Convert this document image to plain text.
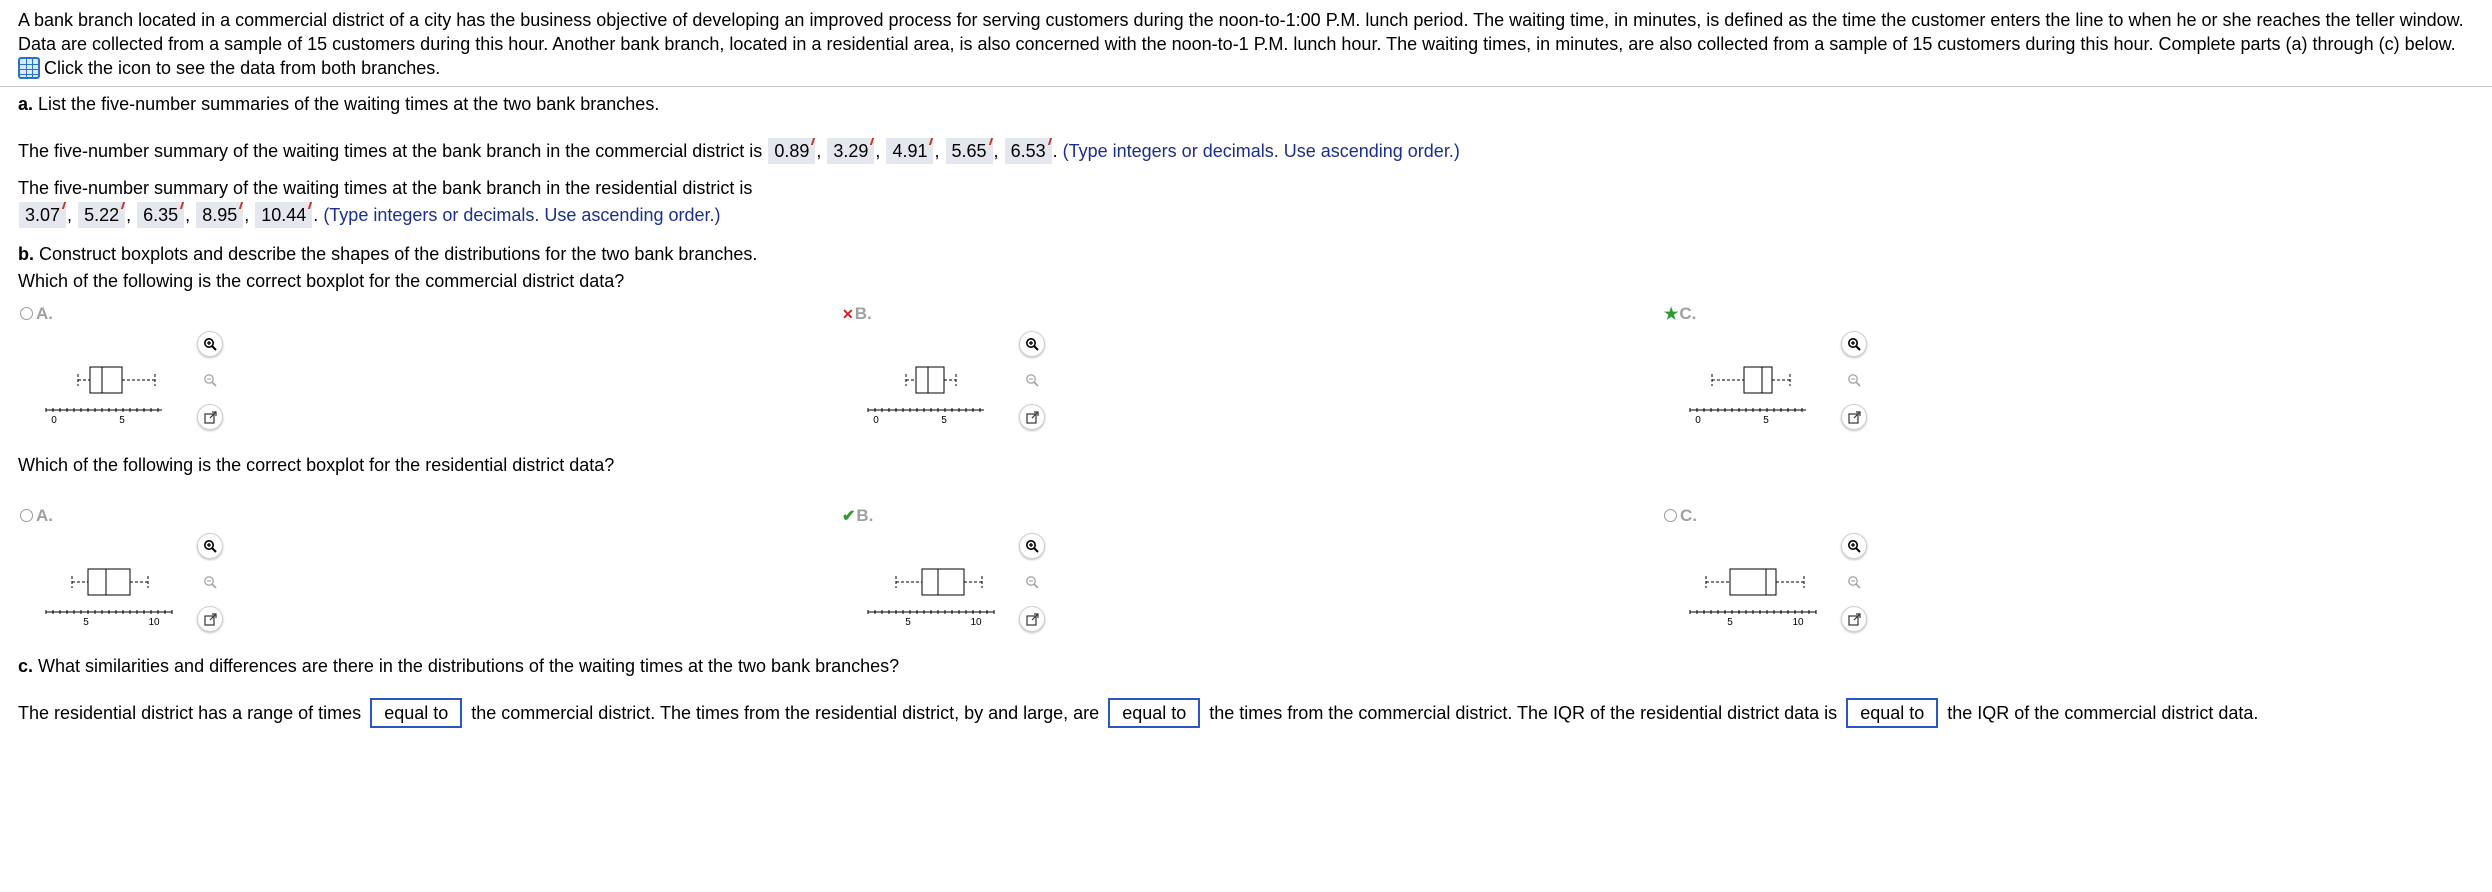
A bank branch located in a commercial district of a city has the business objective of developing an improved process for serving customers during the noon-to-1:00 P.M. lunch period. The waiting time, in minutes, is defined as the time the customer enters the line to when he or she reaches the teller window. Data are collected from a sample of 15 customers during this hour. Another bank branch, located in a residential area, is also concerned with the noon-to-1 P.M. lunch hour. The waiting times, in minutes, are also collected from a sample of 15 customers during this hour. Complete parts (a) through (c) below.

Click the icon to see the data from both branches.

a. List the five-number summaries of the waiting times at the two bank branches.
The five-number summary of the waiting times at the bank branch in the commercial district is 0.89 , 3.29 , 4.91 , 5.65 , 6.53 . (Type integers or decimals. Use ascending order.)
The five-number summary of the waiting times at the bank branch in the residential district is
3.07 , 5.22 , 6.35 , 8.95 , 10.44 . (Type integers or decimals. Use ascending order.)
b. Construct boxplots and describe the shapes of the distributions for the two bank branches.
Which of the following is the correct boxplot for the commercial district data?
A.	✕B.	★C.
0	5	0	5	0	5
Which of the following is the correct boxplot for the residential district data?
A.	✔B.	C.
5	10	5	10	5	10
c. What similarities and differences are there in the distributions of the waiting times at the two bank branches?
The residential district has a range of times equal to the commercial district. The times from the residential district, by and large, are equal to the times from the commercial district. The IQR of the residential district data is equal to the IQR of the commercial district data.
